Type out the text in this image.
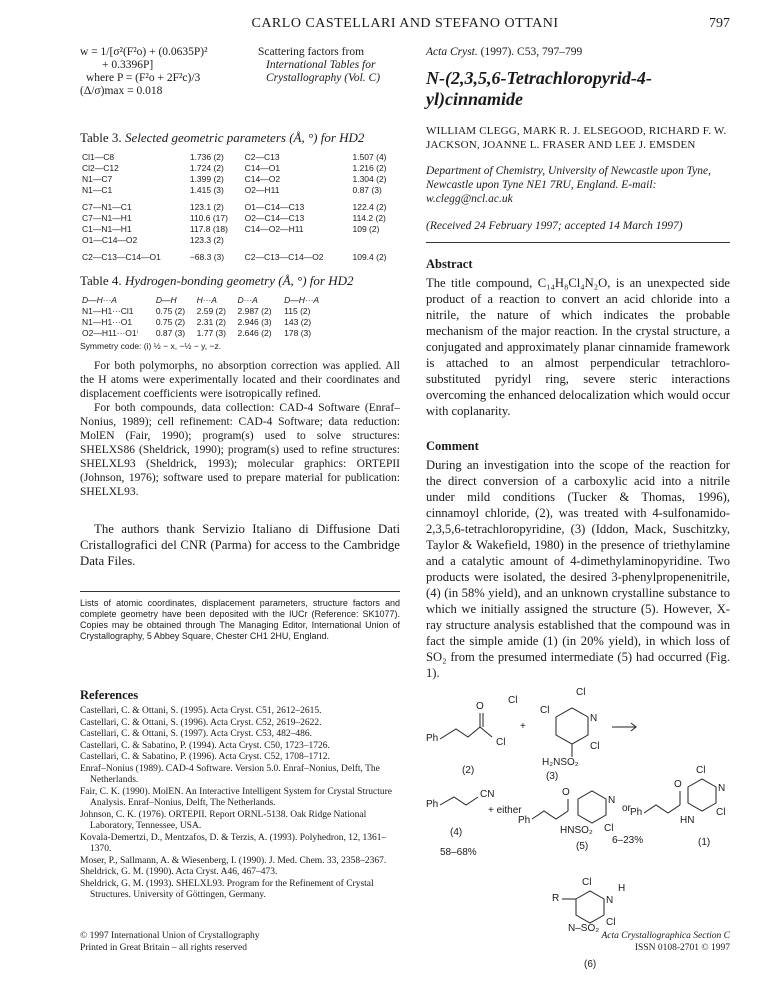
CARLO CASTELLARI AND STEFANO OTTANI	797
w = 1/[σ²(F²o) + (0.0635P)²
+ 0.3396P]
where P = (F²o + 2F²c)/3
(Δ/σ)max = 0.018
Scattering factors from
International Tables for
Crystallography (Vol. C)
Table 3. Selected geometric parameters (Å, °) for HD2
Cl1—C8	1.736 (2)	C2—C13	1.507 (4)
Cl2—C12	1.724 (2)	C14—O1	1.216 (2)
N1—C7	1.399 (2)	C14—O2	1.304 (2)
N1—C1	1.415 (3)	O2—H11	0.87 (3)
C7—N1—C1	123.1 (2)	O1—C14—C13	122.4 (2)
C7—N1—H1	110.6 (17)	O2—C14—C13	114.2 (2)
C1—N1—H1	117.8 (18)	C14—O2—H11	109 (2)
O1—C14—O2	123.3 (2)		
C2—C13—C14—O1	−68.3 (3)	C2—C13—C14—O2	109.4 (2)
Table 4. Hydrogen-bonding geometry (Å, °) for HD2
D—H···A	D—H	H···A	D···A	D—H···A
N1—H1···Cl1	0.75 (2)	2.59 (2)	2.987 (2)	115 (2)
N1—H1···O1	0.75 (2)	2.31 (2)	2.946 (3)	143 (2)
O2—H11···O1ⁱ	0.87 (3)	1.77 (3)	2.646 (2)	178 (3)
Symmetry code: (i) ½ − x, −½ − y, −z.

For both polymorphs, no absorption correction was applied. All the H atoms were experimentally located and their coordinates and displacement coefficients were isotropically refined.

For both compounds, data collection: CAD-4 Software (Enraf–Nonius, 1989); cell refinement: CAD-4 Software; data reduction: MolEN (Fair, 1990); program(s) used to solve structures: SHELXS86 (Sheldrick, 1990); program(s) used to refine structures: SHELXL93 (Sheldrick, 1993); molecular graphics: ORTEPII (Johnson, 1976); software used to prepare material for publication: SHELXL93.

The authors thank Servizio Italiano di Diffusione Dati Cristallografici del CNR (Parma) for access to the Cambridge Data Files.

Lists of atomic coordinates, displacement parameters, structure factors and complete geometry have been deposited with the IUCr (Reference: SK1077). Copies may be obtained through The Managing Editor, International Union of Crystallography, 5 Abbey Square, Chester CH1 2HU, England.
References
Castellari, C. & Ottani, S. (1995). Acta Cryst. C51, 2612–2615.
Castellari, C. & Ottani, S. (1996). Acta Cryst. C52, 2619–2622.
Castellari, C. & Ottani, S. (1997). Acta Cryst. C53, 482–486.
Castellari, C. & Sabatino, P. (1994). Acta Cryst. C50, 1723–1726.
Castellari, C. & Sabatino, P. (1996). Acta Cryst. C52, 1708–1712.
Enraf–Nonius (1989). CAD-4 Software. Version 5.0. Enraf–Nonius, Delft, The Netherlands.
Fair, C. K. (1990). MolEN. An Interactive Intelligent System for Crystal Structure Analysis. Enraf–Nonius, Delft, The Netherlands.
Johnson, C. K. (1976). ORTEPII. Report ORNL-5138. Oak Ridge National Laboratory, Tennessee, USA.
Kovala-Demertzi, D., Mentzafos, D. & Terzis, A. (1993). Polyhedron, 12, 1361–1370.
Moser, P., Sallmann, A. & Wiesenberg, I. (1990). J. Med. Chem. 33, 2358–2367.
Sheldrick, G. M. (1990). Acta Cryst. A46, 467–473.
Sheldrick, G. M. (1993). SHELXL93. Program for the Refinement of Crystal Structures. University of Göttingen, Germany.
© 1997 International Union of Crystallography
Printed in Great Britain – all rights reserved
Acta Cryst. (1997). C53, 797–799
N-(2,3,5,6-Tetrachloropyrid-4-yl)cinnamide
WILLIAM CLEGG, MARK R. J. ELSEGOOD, RICHARD F. W. JACKSON, JOANNE L. FRASER AND LEE J. EMSDEN
Department of Chemistry, University of Newcastle upon Tyne, Newcastle upon Tyne NE1 7RU, England. E-mail: w.clegg@ncl.ac.uk
(Received 24 February 1997; accepted 14 March 1997)
Abstract

The title compound, C₁₄H₈Cl₄N₂O, is an unexpected side product of a reaction to convert an acid chloride into a nitrile, the nature of which indicates the probable mechanism of the major reaction. In the crystal structure, a conjugated and approximately planar cinnamide framework is attached to an almost perpendicular tetrachloro-substituted pyridyl ring, severe steric interactions overcoming the enhanced delocalization which would occur with coplanarity.

Comment

During an investigation into the scope of the reaction for the direct conversion of a carboxylic acid into a nitrile under mild conditions (Tucker & Thomas, 1996), cinnamoyl chloride, (2), was treated with 4-sulfonamido-2,3,5,6-tetrachloropyridine, (3) (Iddon, Mack, Suschitzky, Taylor & Wakefield, 1980) in the presence of triethylamine and a catalytic amount of 4-dimethylaminopyridine. Two products were isolated, the desired 3-phenylpropenenitrile, (4) (in 58% yield), and an unknown crystalline substance to which we initially assigned the structure (5). However, X-ray structure analysis established that the compound was in fact the simple amide (1) (in 20% yield), in which loss of SO₂ from the presumed intermediate (5) had occurred (Fig. 1).

Cl
O
Ph	Cl
+
N
Cl
Cl
Cl
H₂NSO₂
(2)
(3)
Ph
CN
+ either
(4)
58–68%
Ph
O
HNSO₂
N
Cl
(5)
or
6–23%
Ph
O
HN
N
Cl
Cl
(1)
Cl
N
H
R
N–SO₂
Cl
(6)
Acta Crystallographica Section C
ISSN 0108-2701 © 1997
